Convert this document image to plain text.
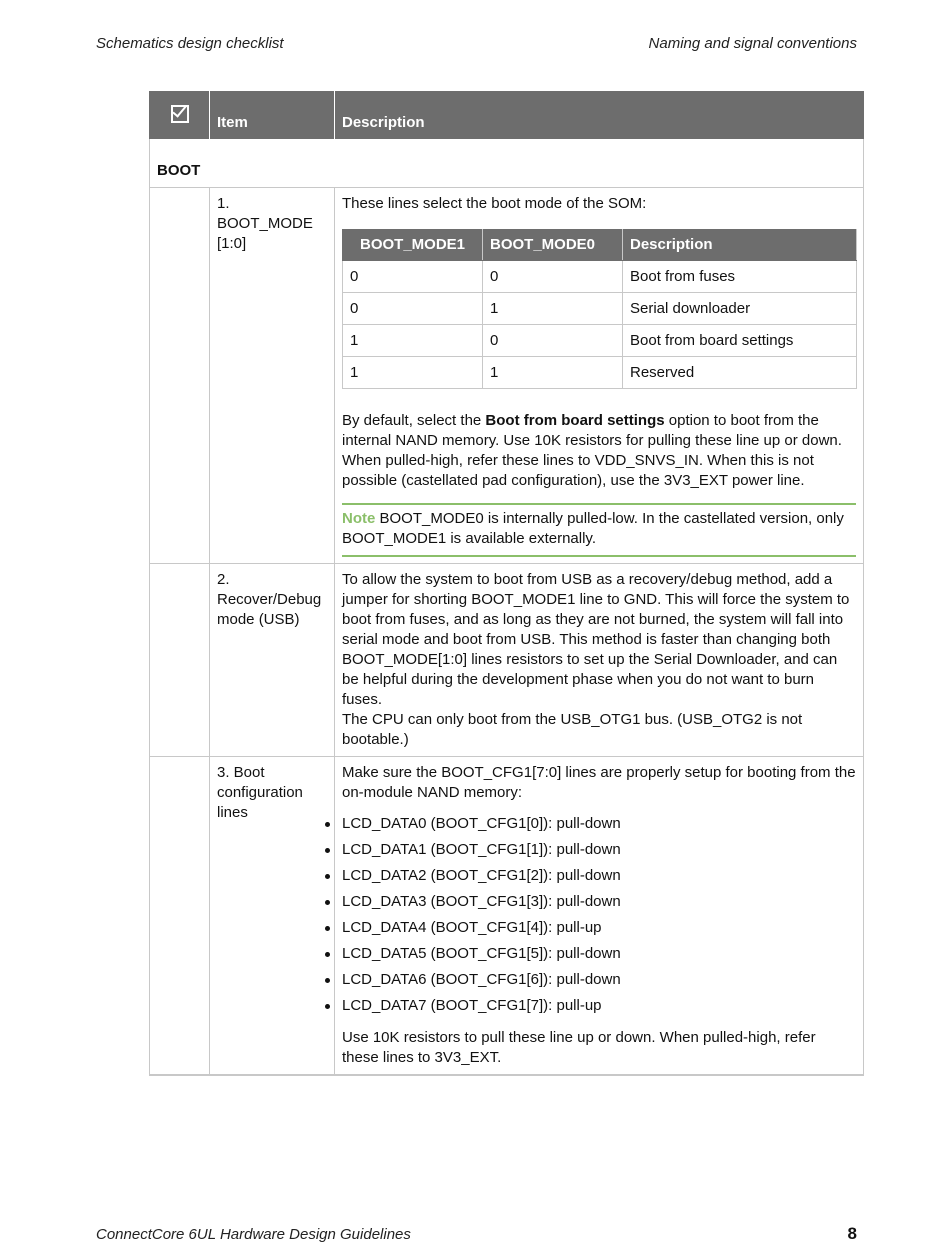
Schematics design checklist	Naming and signal conventions
	Item	Description
BOOT
	1. BOOT_MODE [1:0]	

These lines select the boot mode of the SOM:

BOOT_MODE1	BOOT_MODE0	Description
0	0	Boot from fuses
0	1	Serial downloader
1	0	Boot from board settings
1	1	Reserved

By default, select the Boot from board settings option to boot from the internal NAND memory. Use 10K resistors for pulling these line up or down. When pulled-high, refer these lines to VDD_SNVS_IN. When this is not possible (castellated pad configuration), use the 3V3_EXT power line.

Note BOOT_MODE0 is internally pulled-low. In the castellated version, only BOOT_MODE1 is available externally.

	2. Recover/Debug mode (USB)	

To allow the system to boot from USB as a recovery/debug method, add a jumper for shorting BOOT_MODE1 line to GND. This will force the system to boot from fuses, and as long as they are not burned, the system will fall into serial mode and boot from USB. This method is faster than changing both BOOT_MODE[1:0] lines resistors to set up the Serial Downloader, and can be helpful during the development phase when you do not want to burn fuses.

The CPU can only boot from the USB_OTG1 bus. (USB_OTG2 is not bootable.)

	3. Boot configuration lines	

Make sure the BOOT_CFG1[7:0] lines are properly setup for booting from the on-module NAND memory:

LCD_DATA0 (BOOT_CFG1[0]): pull-down
LCD_DATA1 (BOOT_CFG1[1]): pull-down
LCD_DATA2 (BOOT_CFG1[2]): pull-down
LCD_DATA3 (BOOT_CFG1[3]): pull-down
LCD_DATA4 (BOOT_CFG1[4]): pull-up
LCD_DATA5 (BOOT_CFG1[5]): pull-down
LCD_DATA6 (BOOT_CFG1[6]): pull-down
LCD_DATA7 (BOOT_CFG1[7]): pull-up

Use 10K resistors to pull these line up or down. When pulled-high, refer these lines to 3V3_EXT.

ConnectCore 6UL Hardware Design Guidelines	8
